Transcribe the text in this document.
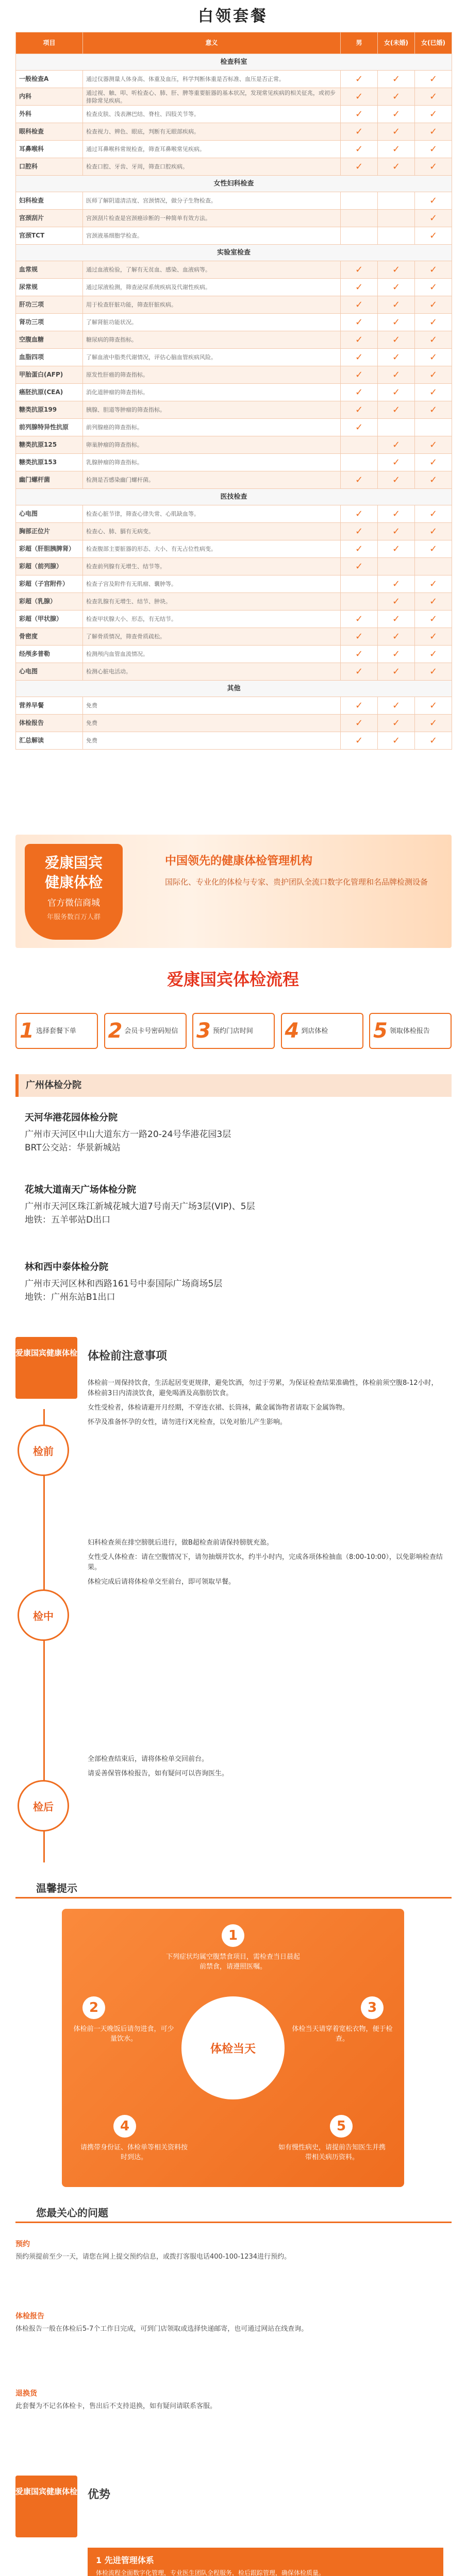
白领套餐
项目	意义	男	女(未婚)	女(已婚)
检查科室				
一般检查A	通过仪器测量人体身高、体重及血压，科学判断体重是否标准、血压是否正常。	✓	✓	✓
内科	通过视、触、叩、听检查心、肺、肝、脾等重要脏器的基本状况，发现常见疾病的相关征兆，或初步排除常见疾病。	✓	✓	✓
外科	检查皮肤、浅表淋巴结、脊柱、四肢关节等。	✓	✓	✓
眼科检查	检查视力、辨色、眼底，判断有无眼部疾病。	✓	✓	✓
耳鼻喉科	通过耳鼻喉科常规检查，筛查耳鼻喉常见疾病。	✓	✓	✓
口腔科	检查口腔、牙齿、牙周，筛查口腔疾病。	✓	✓	✓
女性妇科检查				
妇科检查	医师了解阴道清洁度、宫颈情况，做分子生物检查。			✓
宫颈刮片	宫颈刮片检查是宫颈癌诊断的一种简单有效方法。			✓
宫颈TCT	宫颈液基细胞学检查。			✓
实验室检查				
血常规	通过血液检验，了解有无贫血、感染、血液病等。	✓	✓	✓
尿常规	通过尿液检测，筛查泌尿系统疾病及代谢性疾病。	✓	✓	✓
肝功三项	用于检查肝脏功能，筛查肝脏疾病。	✓	✓	✓
肾功三项	了解肾脏功能状况。	✓	✓	✓
空腹血糖	糖尿病的筛查指标。	✓	✓	✓
血脂四项	了解血液中脂类代谢情况，评估心脑血管疾病风险。	✓	✓	✓
甲胎蛋白(AFP)	原发性肝癌的筛查指标。	✓	✓	✓
癌胚抗原(CEA)	消化道肿瘤的筛查指标。	✓	✓	✓
糖类抗原199	胰腺、胆道等肿瘤的筛查指标。	✓	✓	✓
前列腺特异性抗原	前列腺癌的筛查指标。	✓		
糖类抗原125	卵巢肿瘤的筛查指标。		✓	✓
糖类抗原153	乳腺肿瘤的筛查指标。		✓	✓
幽门螺杆菌	检测是否感染幽门螺杆菌。	✓	✓	✓
医技检查				
心电图	检查心脏节律，筛查心律失常、心肌缺血等。	✓	✓	✓
胸部正位片	检查心、肺、膈有无病变。	✓	✓	✓
彩超（肝胆胰脾肾）	检查腹部主要脏器的形态、大小、有无占位性病变。	✓	✓	✓
彩超（前列腺）	检查前列腺有无增生、结节等。	✓		
彩超（子宫附件）	检查子宫及附件有无肌瘤、囊肿等。		✓	✓
彩超（乳腺）	检查乳腺有无增生、结节、肿块。		✓	✓
彩超（甲状腺）	检查甲状腺大小、形态，有无结节。	✓	✓	✓
骨密度	了解骨质情况，筛查骨质疏松。	✓	✓	✓
经颅多普勒	检测颅内血管血流情况。	✓	✓	✓
心电图	检测心脏电活动。	✓	✓	✓
其他				
营养早餐	免费	✓	✓	✓
体检报告	免费	✓	✓	✓
汇总解读	免费	✓	✓	✓
爱康国宾
健康体检
官方微信商城
年服务数百万人群
中国领先的健康体检管理机构
国际化、专业化的体检与专家、贵护团队全流口数字化管理和名品牌检测设备
爱康国宾体检流程
1 选择套餐下单 2 会员卡号密码短信 3 预约门店时间 4 到店体检 5 领取体检报告
广州体检分院
天河华港花园体检分院
广州市天河区中山大道东方一路20-24号华港花园3层
BRT公交站：华景新城站
花城大道南天广场体检分院
广州市天河区珠江新城花城大道7号南天广场3层(VIP)、5层
地铁：五羊邨站D出口
林和西中泰体检分院
广州市天河区林和西路161号中泰国际广场商场5层
地铁：广州东站B1出口
爱康国宾健康体检 体检前注意事项
检前

体检前一周保持饮食，生活起居变更规律，避免饮酒，勿过于劳累，为保证检查结果准确性，体检前须空腹8-12小时，体检前3日内清淡饮食，避免喝酒及高脂肪饮食。

女性受检者，体检请避开月经期，不穿连衣裙、长筒袜，戴金属饰物者请取下金属饰物。

怀孕及准备怀孕的女性，请勿进行X光检查，以免对胎儿产生影响。

检中

妇科检查须在排空膀胱后进行，做B超检查前请保持膀胱充盈。

女性受人体检查：请在空腹情况下，请勿抽烟并饮水，约半小时内，完成各项体检抽血（8:00-10:00），以免影响检查结果。

体检完成后请将体检单交至前台，即可领取早餐。

检后

全部检查结束后，请将体检单交回前台。

请妥善保管体检报告，如有疑问可以咨询医生。

温馨提示
体检当天
1
下列症状均属空腹禁食项目，需检查当日晨起前禁食，请遵照医嘱。
2
体检前一天晚饭后请勿进食，可少量饮水。
3
体检当天请穿着宽松衣物，便于检查。
4
请携带身份证、体检单等相关资料按时到达。
5
如有慢性病史，请提前告知医生并携带相关病历资料。
您最关心的问题
预约
预约须提前至少一天，请您在网上提交预约信息，或拨打客服电话400-100-1234进行预约。
体检报告
体检报告一般在体检后5-7个工作日完成，可到门店领取或选择快递邮寄，也可通过网站在线查询。
退换货
此套餐为不记名体检卡，售出后不支持退换，如有疑问请联系客服。
爱康国宾健康体检 优势
1 先进管理体系
体检流程全面数字化管理，专业医生团队全程服务，检后跟踪管理，确保体检质量。
